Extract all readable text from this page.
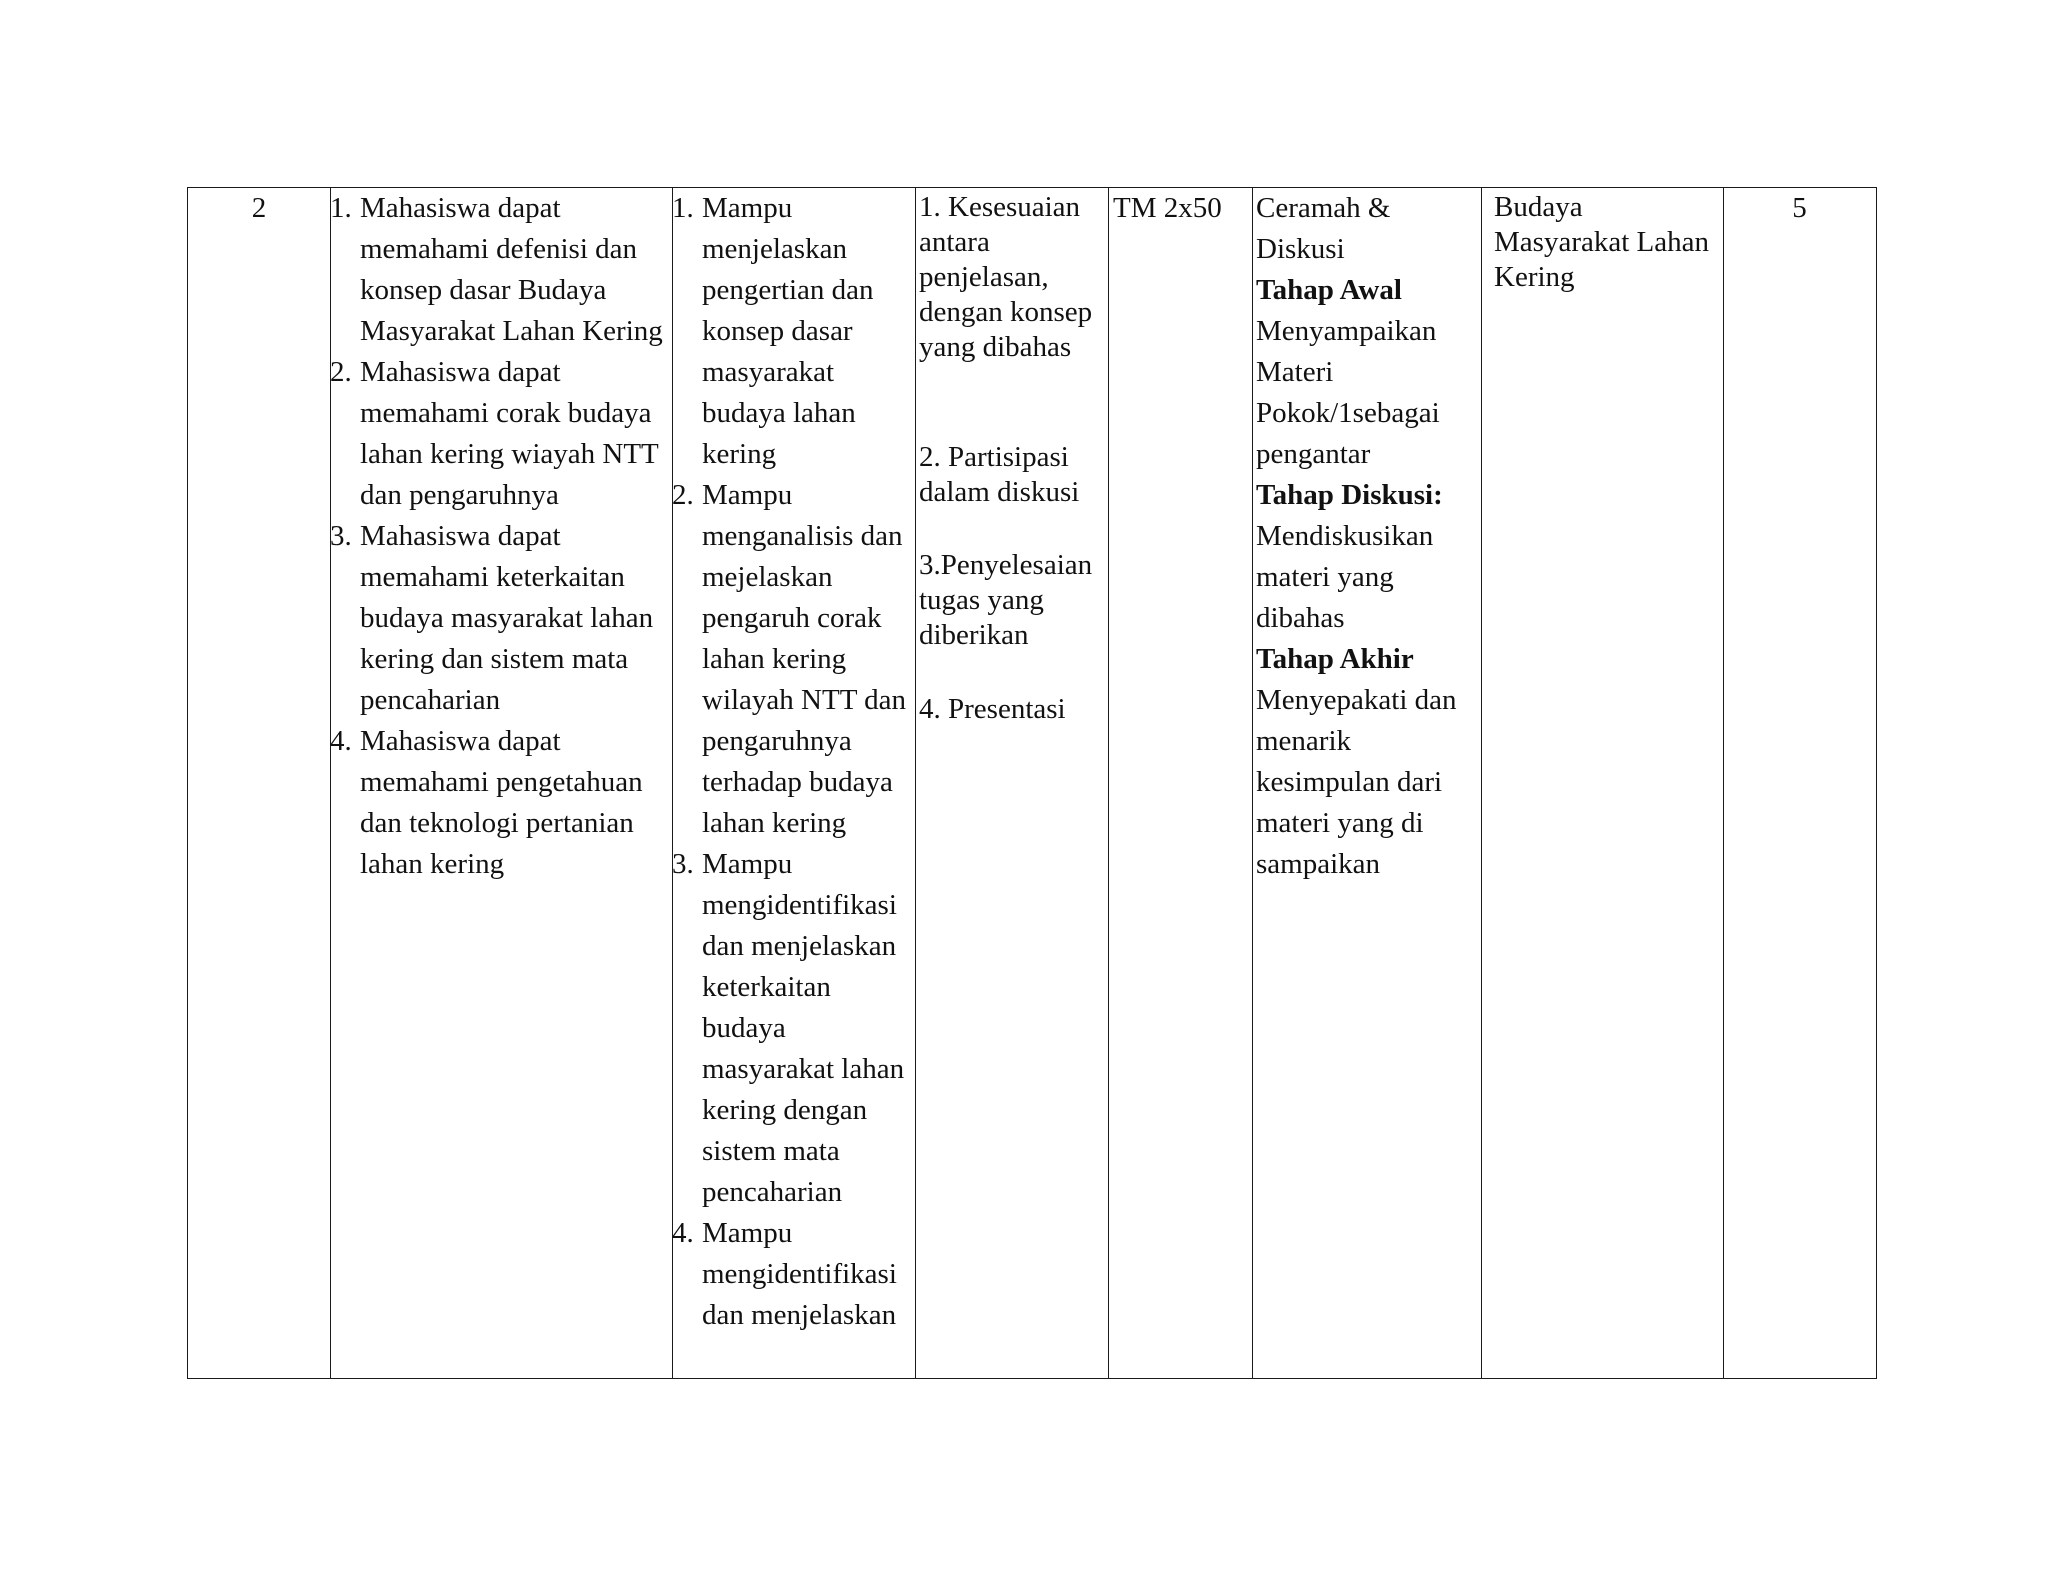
2	1. Mahasiswa dapat memahami defenisi dan konsep dasar Budaya Masyarakat Lahan Kering
2. Mahasiswa dapat memahami corak budaya lahan kering wiayah NTT dan pengaruhnya
3. Mahasiswa dapat memahami keterkaitan budaya masyarakat lahan kering dan sistem mata pencaharian
4. Mahasiswa dapat memahami pengetahuan dan teknologi pertanian lahan kering
1. Mampu menjelaskan pengertian dan konsep dasar masyarakat budaya lahan kering
2. Mampu menganalisis dan mejelaskan pengaruh corak lahan kering wilayah NTT dan pengaruhnya terhadap budaya lahan kering
3. Mampu mengidentifikasi dan menjelaskan keterkaitan budaya masyarakat lahan kering dengan sistem mata pencaharian
4. Mampu mengidentifikasi dan menjelaskan
1. Kesesuaian antara penjelasan, dengan konsep yang dibahas
2. Partisipasi dalam diskusi
3.Penyelesaian tugas yang diberikan
4. Presentasi
TM 2x50	Ceramah & Diskusi
Tahap Awal
Menyampaikan Materi Pokok/1sebagai pengantar
Tahap Diskusi:
Mendiskusikan materi yang dibahas
Tahap Akhir
Menyepakati dan menarik kesimpulan dari materi yang di sampaikan
Budaya Masyarakat Lahan Kering
5
